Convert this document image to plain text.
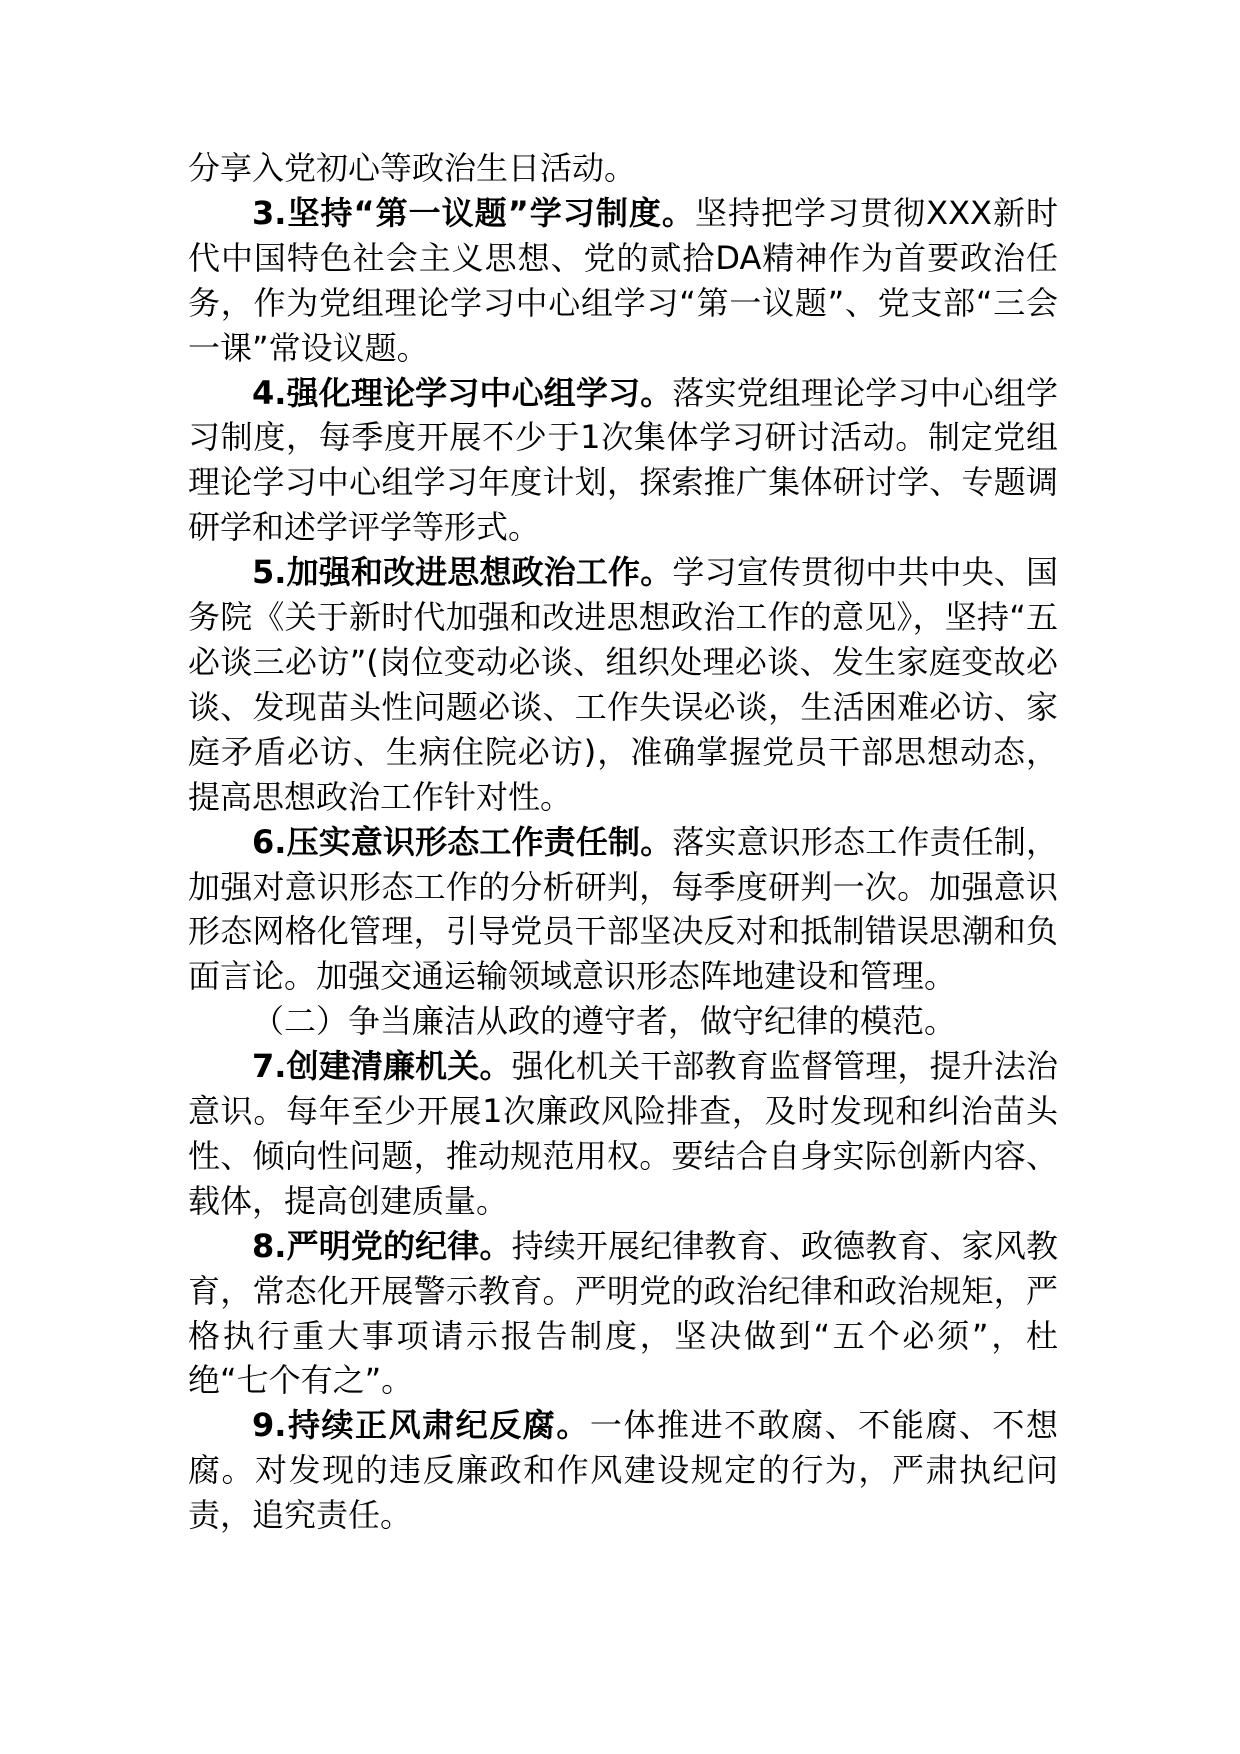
分享入党初心等政治生日活动。

3.坚持“第一议题”学习制度。坚持把学习贯彻XXX新时代中国特色社会主义思想、党的贰拾DA精神作为首要政治任务，作为党组理论学习中心组学习“第一议题”、党支部“三会一课”常设议题。

4.强化理论学习中心组学习。落实党组理论学习中心组学习制度，每季度开展不少于1次集体学习研讨活动。制定党组理论学习中心组学习年度计划，探索推广集体研讨学、专题调研学和述学评学等形式。

5.加强和改进思想政治工作。学习宣传贯彻中共中央、国务院《关于新时代加强和改进思想政治工作的意见》，坚持“五必谈三必访”(岗位变动必谈、组织处理必谈、发生家庭变故必谈、发现苗头性问题必谈、工作失误必谈，生活困难必访、家庭矛盾必访、生病住院必访)，准确掌握党员干部思想动态，提高思想政治工作针对性。

6.压实意识形态工作责任制。落实意识形态工作责任制，加强对意识形态工作的分析研判，每季度研判一次。加强意识形态网格化管理，引导党员干部坚决反对和抵制错误思潮和负面言论。加强交通运输领域意识形态阵地建设和管理。

（二）争当廉洁从政的遵守者，做守纪律的模范。

7.创建清廉机关。强化机关干部教育监督管理，提升法治意识。每年至少开展1次廉政风险排查，及时发现和纠治苗头性、倾向性问题，推动规范用权。要结合自身实际创新内容、载体，提高创建质量。

8.严明党的纪律。持续开展纪律教育、政德教育、家风教育，常态化开展警示教育。严明党的政治纪律和政治规矩，严格执行重大事项请示报告制度，坚决做到“五个必须”，杜绝“七个有之”。

9.持续正风肃纪反腐。一体推进不敢腐、不能腐、不想腐。对发现的违反廉政和作风建设规定的行为，严肃执纪问责，追究责任。
